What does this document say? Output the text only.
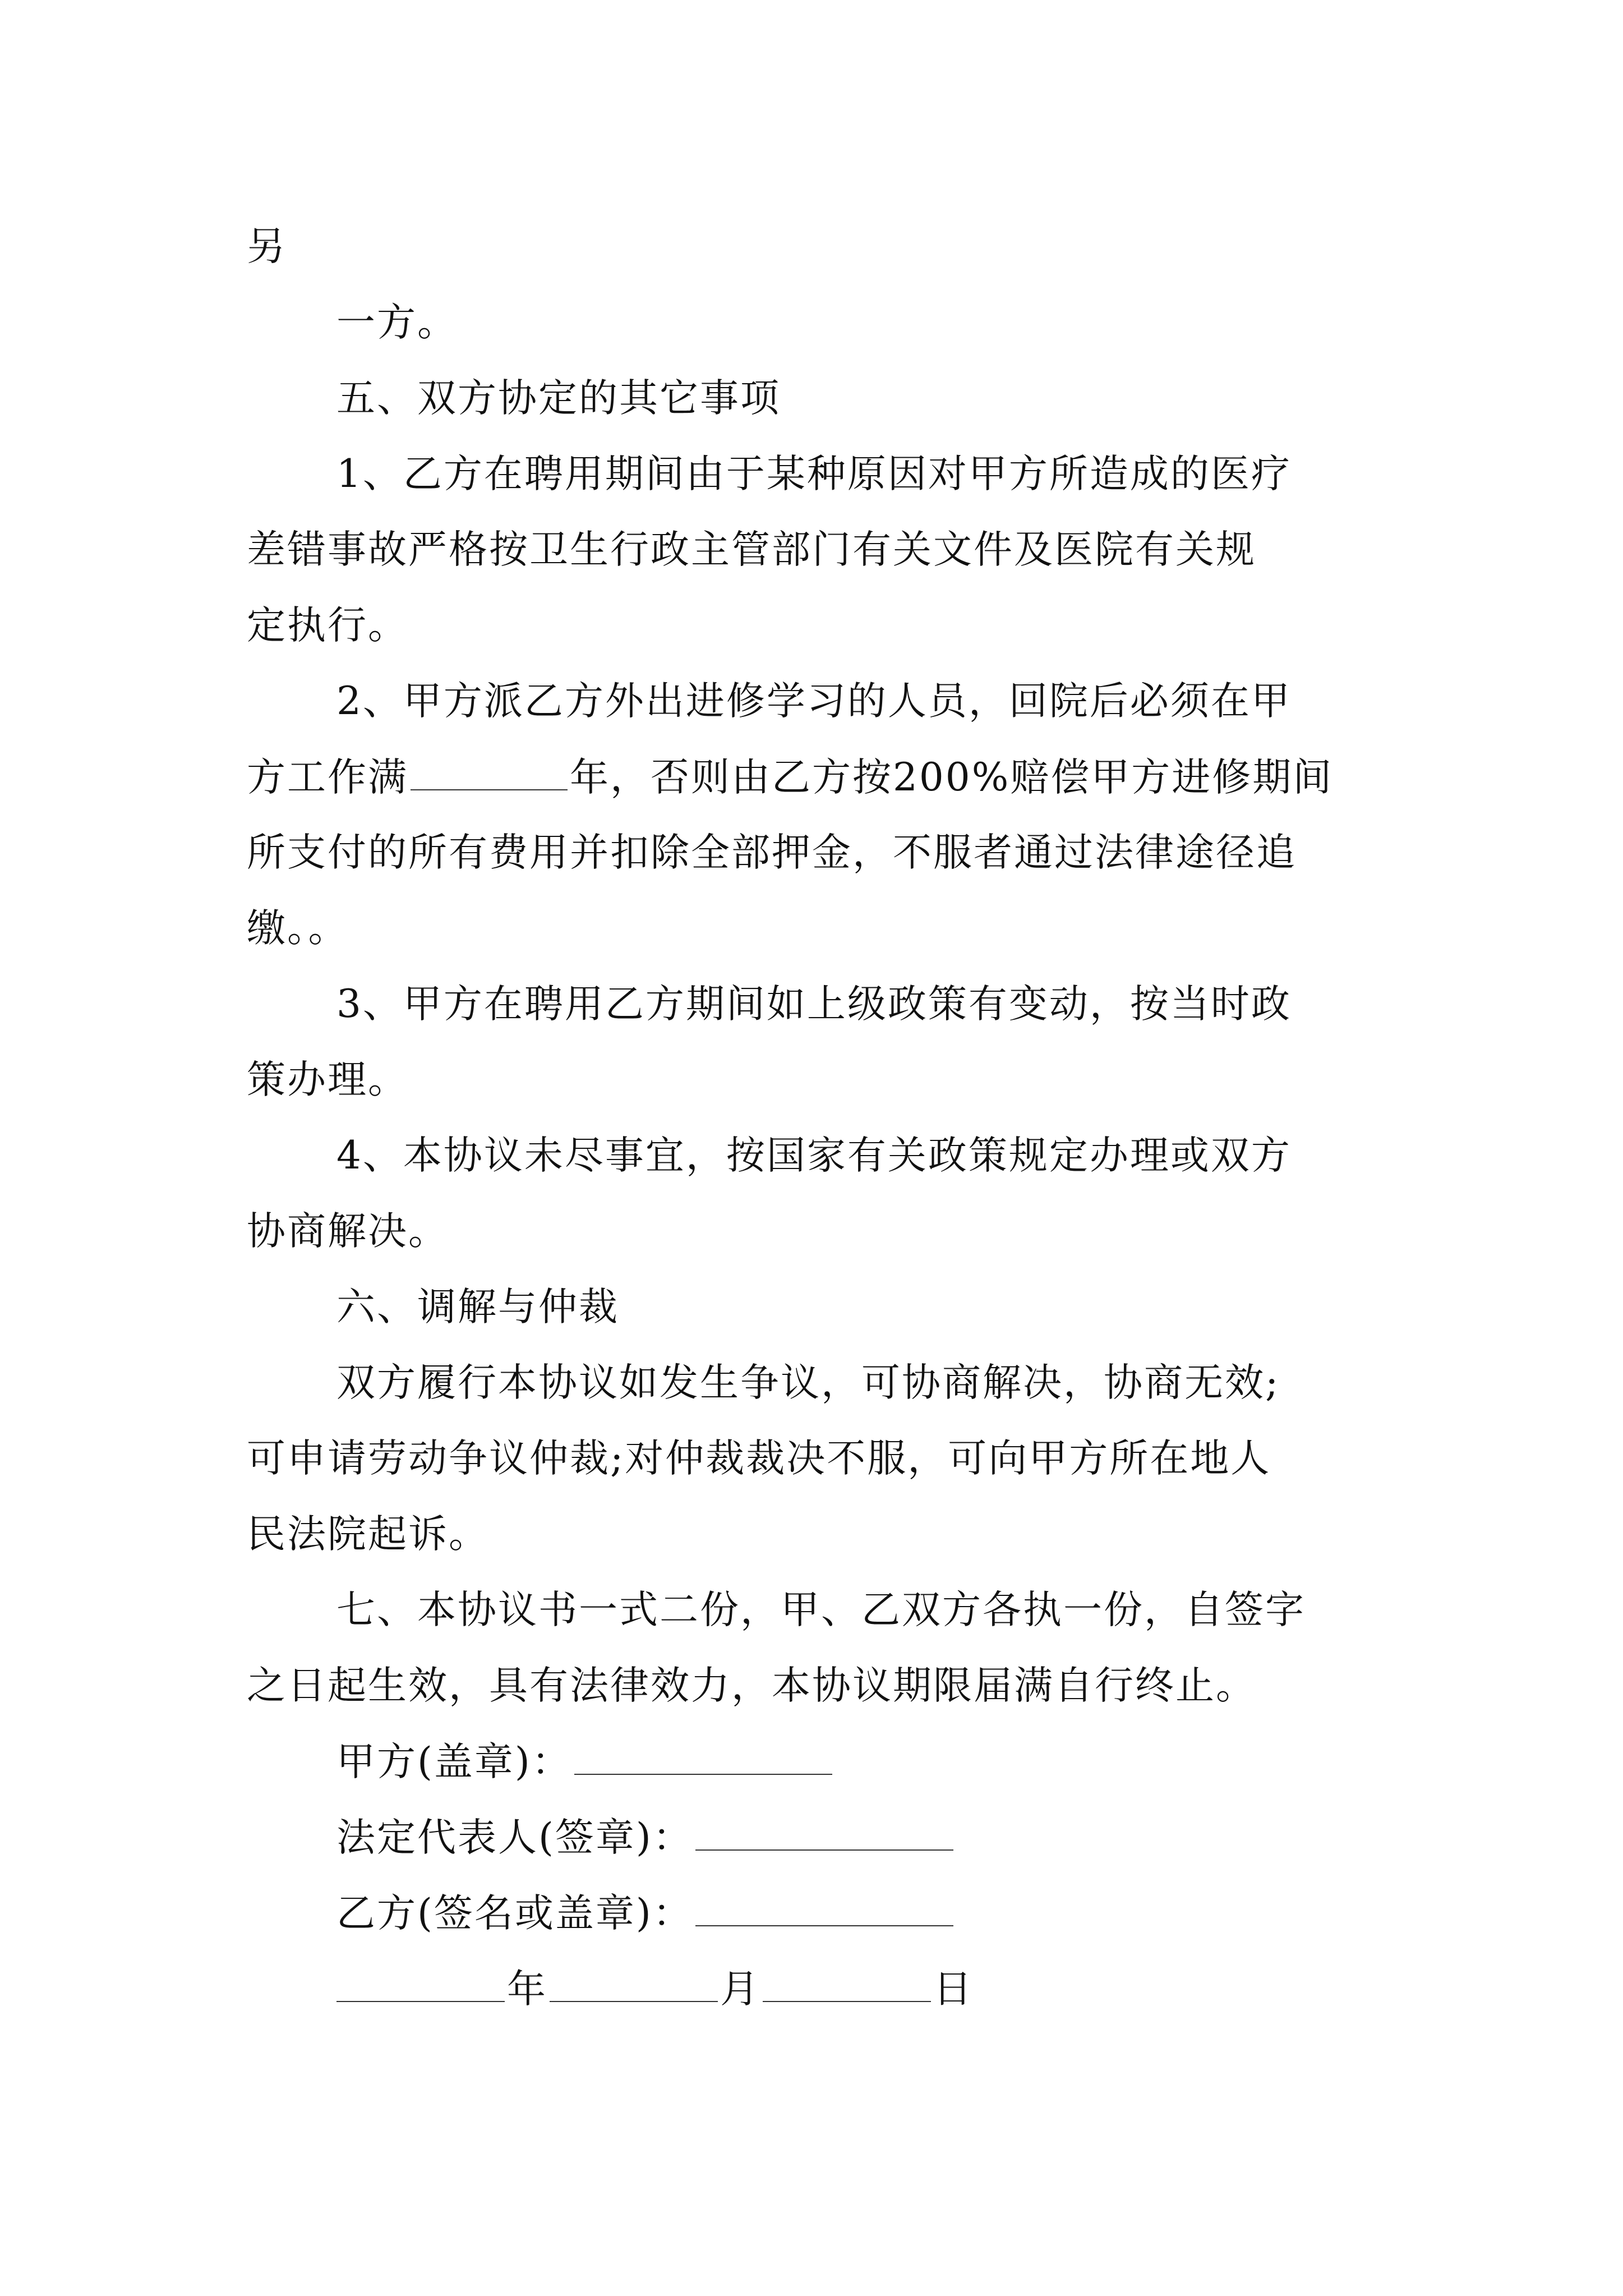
另
一方。
五、双方协定的其它事项
1、乙方在聘用期间由于某种原因对甲方所造成的医疗
差错事故严格按卫生行政主管部门有关文件及医院有关规
定执行。
2、甲方派乙方外出进修学习的人员，回院后必须在甲
方工作满	年，否则由乙方按200%赔偿甲方进修期间
所支付的所有费用并扣除全部押金，不服者通过法律途径追
缴。。
3、甲方在聘用乙方期间如上级政策有变动，按当时政
策办理。
4、本协议未尽事宜，按国家有关政策规定办理或双方
协商解决。
六、调解与仲裁
双方履行本协议如发生争议，可协商解决，协商无效;
可申请劳动争议仲裁;对仲裁裁决不服，可向甲方所在地人
民法院起诉。
七、本协议书一式二份，甲、乙双方各执一份，自签字
之日起生效，具有法律效力，本协议期限届满自行终止。
甲方(盖章)：
法定代表人(签章)：
乙方(签名或盖章)：
年	月	日
